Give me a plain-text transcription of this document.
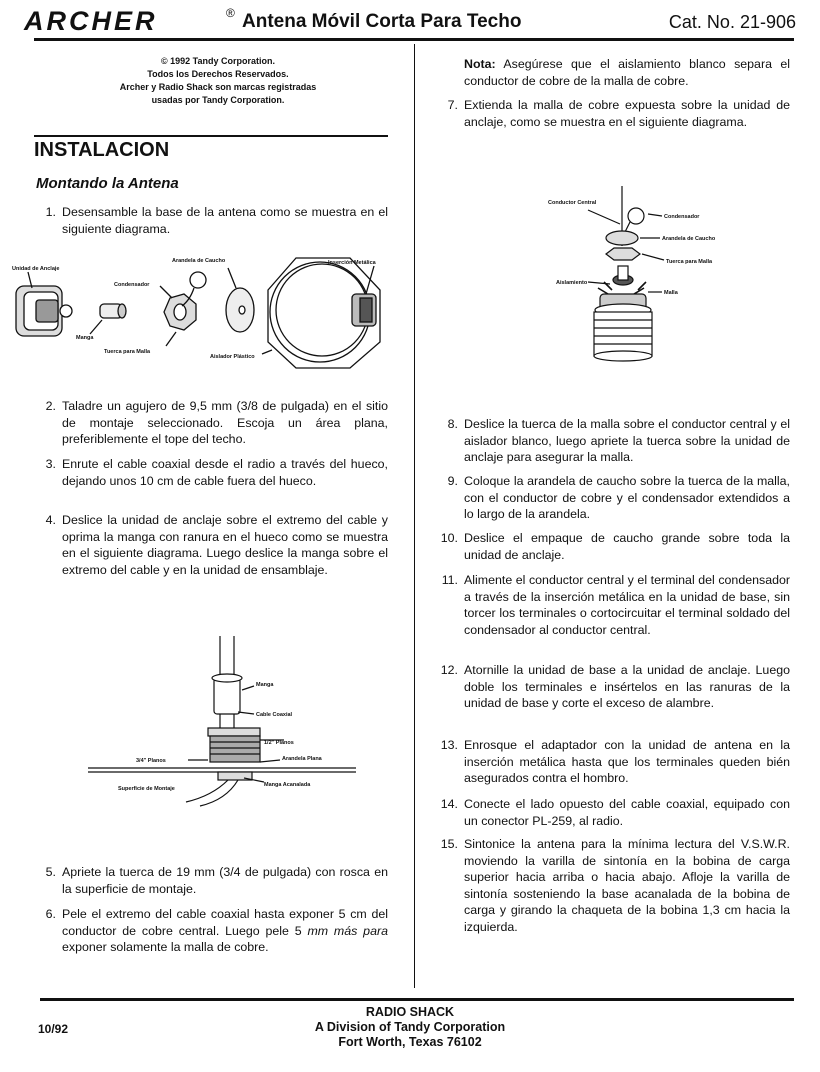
ARCHER	® Antena Móvil Corta Para Techo	Cat. No. 21-906
© 1992 Tandy Corporation.
Todos los Derechos Reservados.
Archer y Radio Shack son marcas registradas
usadas por Tandy Corporation.
INSTALACION
Montando la Antena
1. Desensamble la base de la antena como se muestra en el siguiente diagrama.
Unidad de Anclaje
Condensador
Arandela de Caucho	Inserción Metálica
Manga
Tuerca para Malla
Aislador Plástico
2. Taladre un agujero de 9,5 mm (3/8 de pulgada) en el sitio de montaje seleccionado. Escoja un área plana, preferiblemente el tope del techo.
3. Enrute el cable coaxial desde el radio a través del hueco, dejando unos 10 cm de cable fuera del hueco.
4. Deslice la unidad de anclaje sobre el extremo del cable y oprima la manga con ranura en el hueco como se muestra en el siguiente diagrama. Luego deslice la manga sobre el extremo del cable y en la unidad de ensamblaje.
Manga
Cable Coaxial
1/2" Planos
3/4" Planos	Arandela Plana
Superficie de Montaje
Manga Acanalada
5. Apriete la tuerca de 19 mm (3/4 de pulgada) con rosca en la superficie de montaje.
6. Pele el extremo del cable coaxial hasta exponer 5 cm del conductor de cobre central. Luego pele 5 mm más para exponer solamente la malla de cobre.
Nota: Asegúrese que el aislamiento blanco separa el conductor de cobre de la malla de cobre.
7. Extienda la malla de cobre expuesta sobre la unidad de anclaje, como se muestra en el siguiente diagrama.
Conductor Central
Condensador
Arandela de Caucho
Tuerca para Malla
Aislamiento
Malla
8. Deslice la tuerca de la malla sobre el conductor central y el aislador blanco, luego apriete la tuerca sobre la unidad de anclaje para asegurar la malla.
9. Coloque la arandela de caucho sobre la tuerca de la malla, con el conductor de cobre y el condensador extendidos a lo largo de la arandela.
10. Deslice el empaque de caucho grande sobre toda la unidad de anclaje.
11. Alimente el conductor central y el terminal del condensador a través de la inserción metálica en la unidad de base, sin torcer los terminales o cortocircuitar el terminal soldado del condensador al conductor central.
12. Atornille la unidad de base a la unidad de anclaje. Luego doble los terminales e insértelos en las ranuras de la unidad de base y corte el exceso de alambre.
13. Enrosque el adaptador con la unidad de antena en la inserción metálica hasta que los terminales queden bién asegurados contra el hombro.
14. Conecte el lado opuesto del cable coaxial, equipado con un conector PL-259, al radio.
15. Sintonice la antena para la mínima lectura del V.S.W.R. moviendo la varilla de sintonía en la bobina de carga superior hacia arriba o hacia abajo. Afloje la varilla de sintonía sosteniendo la base acanalada de la bobina de carga y girando la chaqueta de la bobina 1,3 cm hacia la izquierda.
10/92
RADIO SHACK
A Division of Tandy Corporation
Fort Worth, Texas 76102
